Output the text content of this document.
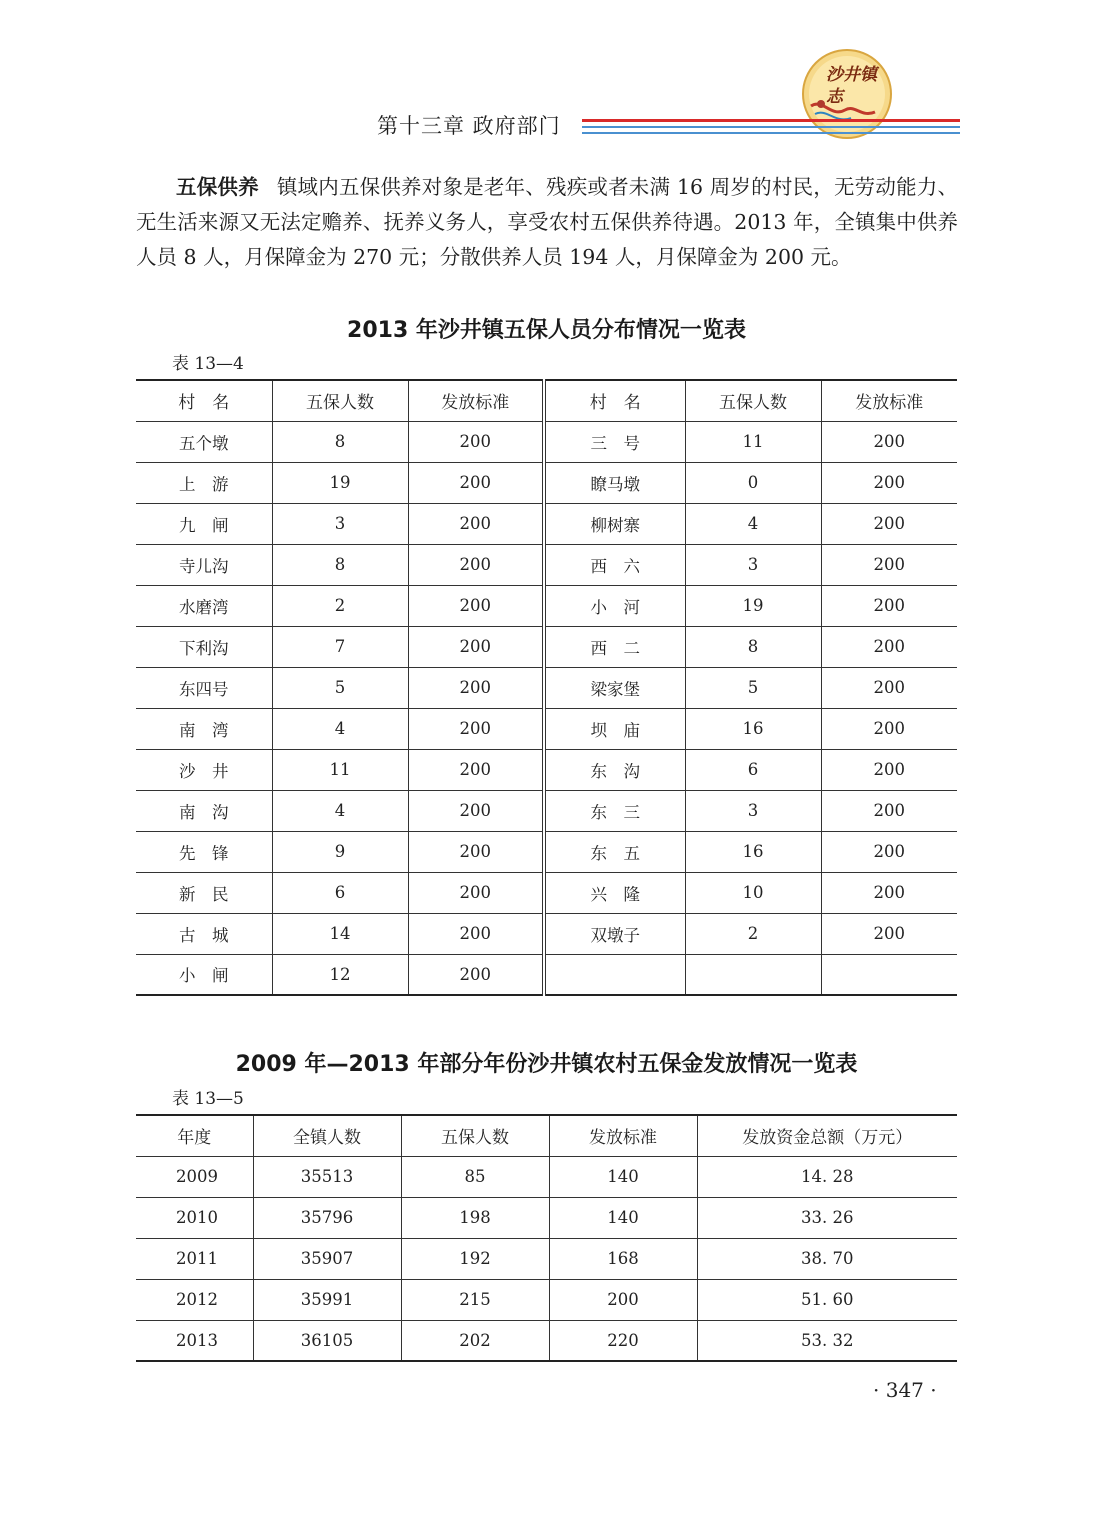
沙井镇志
第十三章 政府部门
五保供养 镇域内五保供养对象是老年、残疾或者未满 16 周岁的村民，无劳动能力、无生活来源又无法定赡养、抚养义务人，享受农村五保供养待遇。2013 年，全镇集中供养人员 8 人，月保障金为 270 元；分散供养人员 194 人，月保障金为 200 元。
2013 年沙井镇五保人员分布情况一览表
表 13—4
村　名	五保人数	发放标准	村　名	五保人数	发放标准
五个墩	8	200	三　号	11	200
上　游	19	200	瞭马墩	0	200
九　闸	3	200	柳树寨	4	200
寺儿沟	8	200	西　六	3	200
水磨湾	2	200	小　河	19	200
下利沟	7	200	西　二	8	200
东四号	5	200	梁家堡	5	200
南　湾	4	200	坝　庙	16	200
沙　井	11	200	东　沟	6	200
南　沟	4	200	东　三	3	200
先　锋	9	200	东　五	16	200
新　民	6	200	兴　隆	10	200
古　城	14	200	双墩子	2	200
小　闸	12	200			
2009 年—2013 年部分年份沙井镇农村五保金发放情况一览表
表 13—5
年度	全镇人数	五保人数	发放标准	发放资金总额（万元）
2009	35513	85	140	14. 28
2010	35796	198	140	33. 26
2011	35907	192	168	38. 70
2012	35991	215	200	51. 60
2013	36105	202	220	53. 32
· 347 ·
